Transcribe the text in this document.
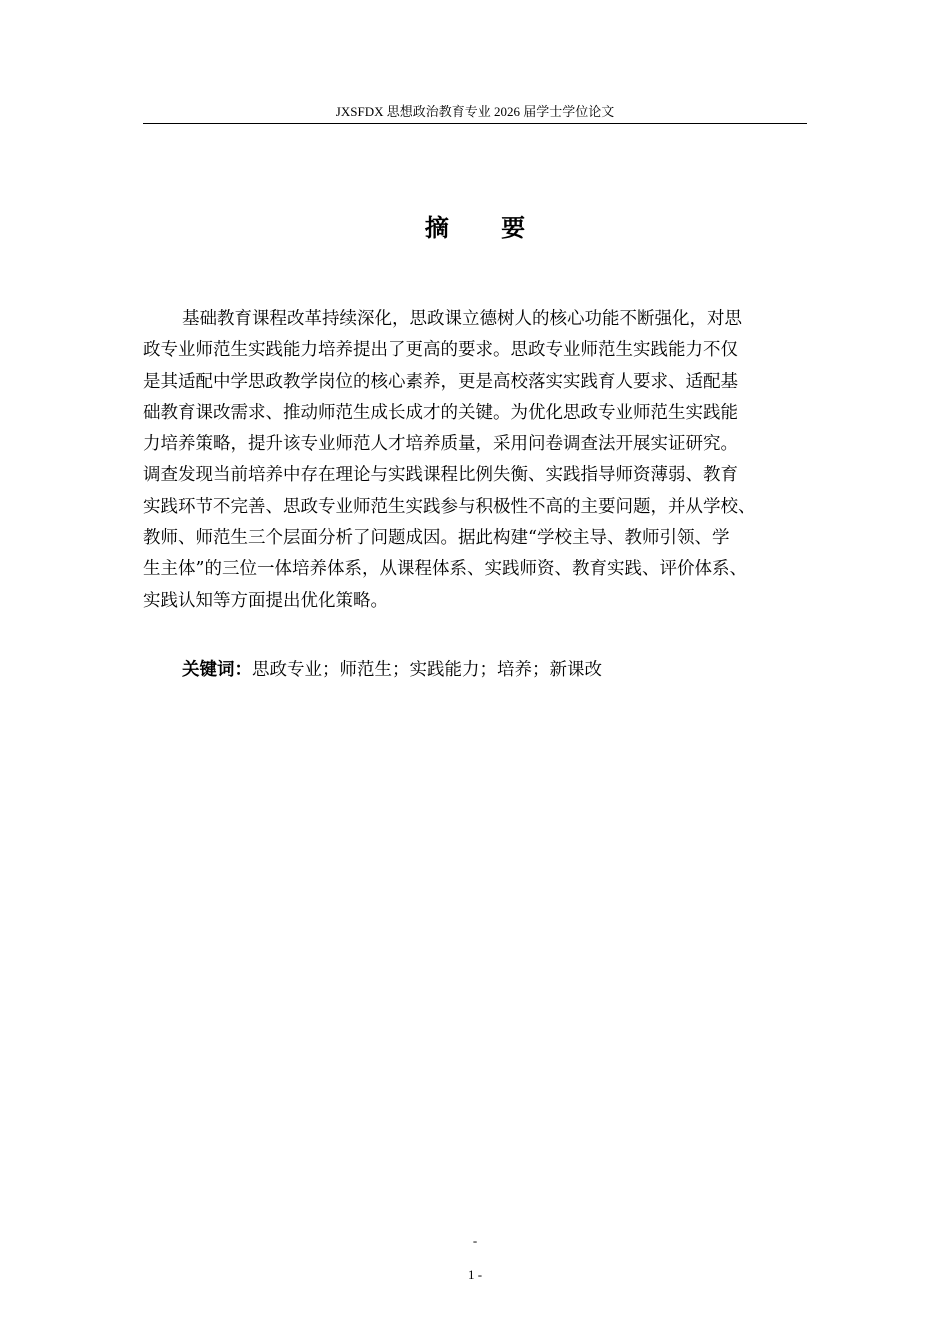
JXSFDX 思想政治教育专业 2026 届学士学位论文
摘 要
基础教育课程改革持续深化，思政课立德树人的核心功能不断强化，对思
政专业师范生实践能力培养提出了更高的要求。思政专业师范生实践能力不仅
是其适配中学思政教学岗位的核心素养，更是高校落实实践育人要求、适配基
础教育课改需求、推动师范生成长成才的关键。为优化思政专业师范生实践能
力培养策略，提升该专业师范人才培养质量，采用问卷调查法开展实证研究。
调查发现当前培养中存在理论与实践课程比例失衡、实践指导师资薄弱、教育
实践环节不完善、思政专业师范生实践参与积极性不高的主要问题，并从学校、
教师、师范生三个层面分析了问题成因。据此构建“学校主导、教师引领、学
生主体”的三位一体培养体系，从课程体系、实践师资、教育实践、评价体系、
实践认知等方面提出优化策略。
关键词：思政专业；师范生；实践能力；培养；新课改
-
1 -
